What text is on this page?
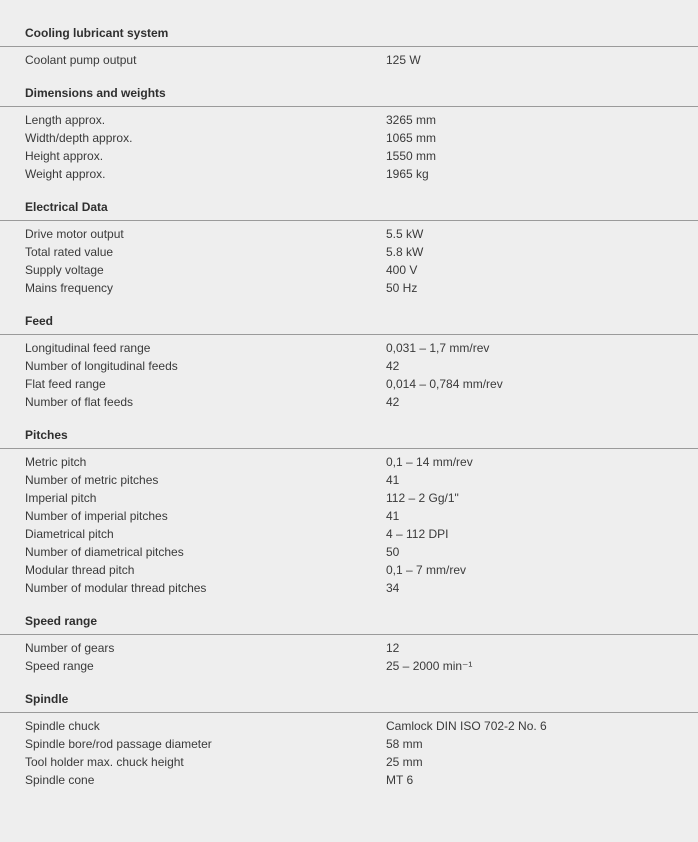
Cooling lubricant system
Coolant pump output	125 W
Dimensions and weights
Length approx.	3265 mm
Width/depth approx.	1065 mm
Height approx.	1550 mm
Weight approx.	1965 kg
Electrical Data
Drive motor output	5.5 kW
Total rated value	5.8 kW
Supply voltage	400 V
Mains frequency	50 Hz
Feed
Longitudinal feed range	0,031 – 1,7 mm/rev
Number of longitudinal feeds	42
Flat feed range	0,014 – 0,784 mm/rev
Number of flat feeds	42
Pitches
Metric pitch	0,1 – 14 mm/rev
Number of metric pitches	41
Imperial pitch	112 – 2 Gg/1"
Number of imperial pitches	41
Diametrical pitch	4 – 112 DPI
Number of diametrical pitches	50
Modular thread pitch	0,1 – 7 mm/rev
Number of modular thread pitches	34
Speed range
Number of gears	12
Speed range	25 – 2000 min⁻¹
Spindle
Spindle chuck	Camlock DIN ISO 702-2 No. 6
Spindle bore/rod passage diameter	58 mm
Tool holder max. chuck height	25 mm
Spindle cone	MT 6
